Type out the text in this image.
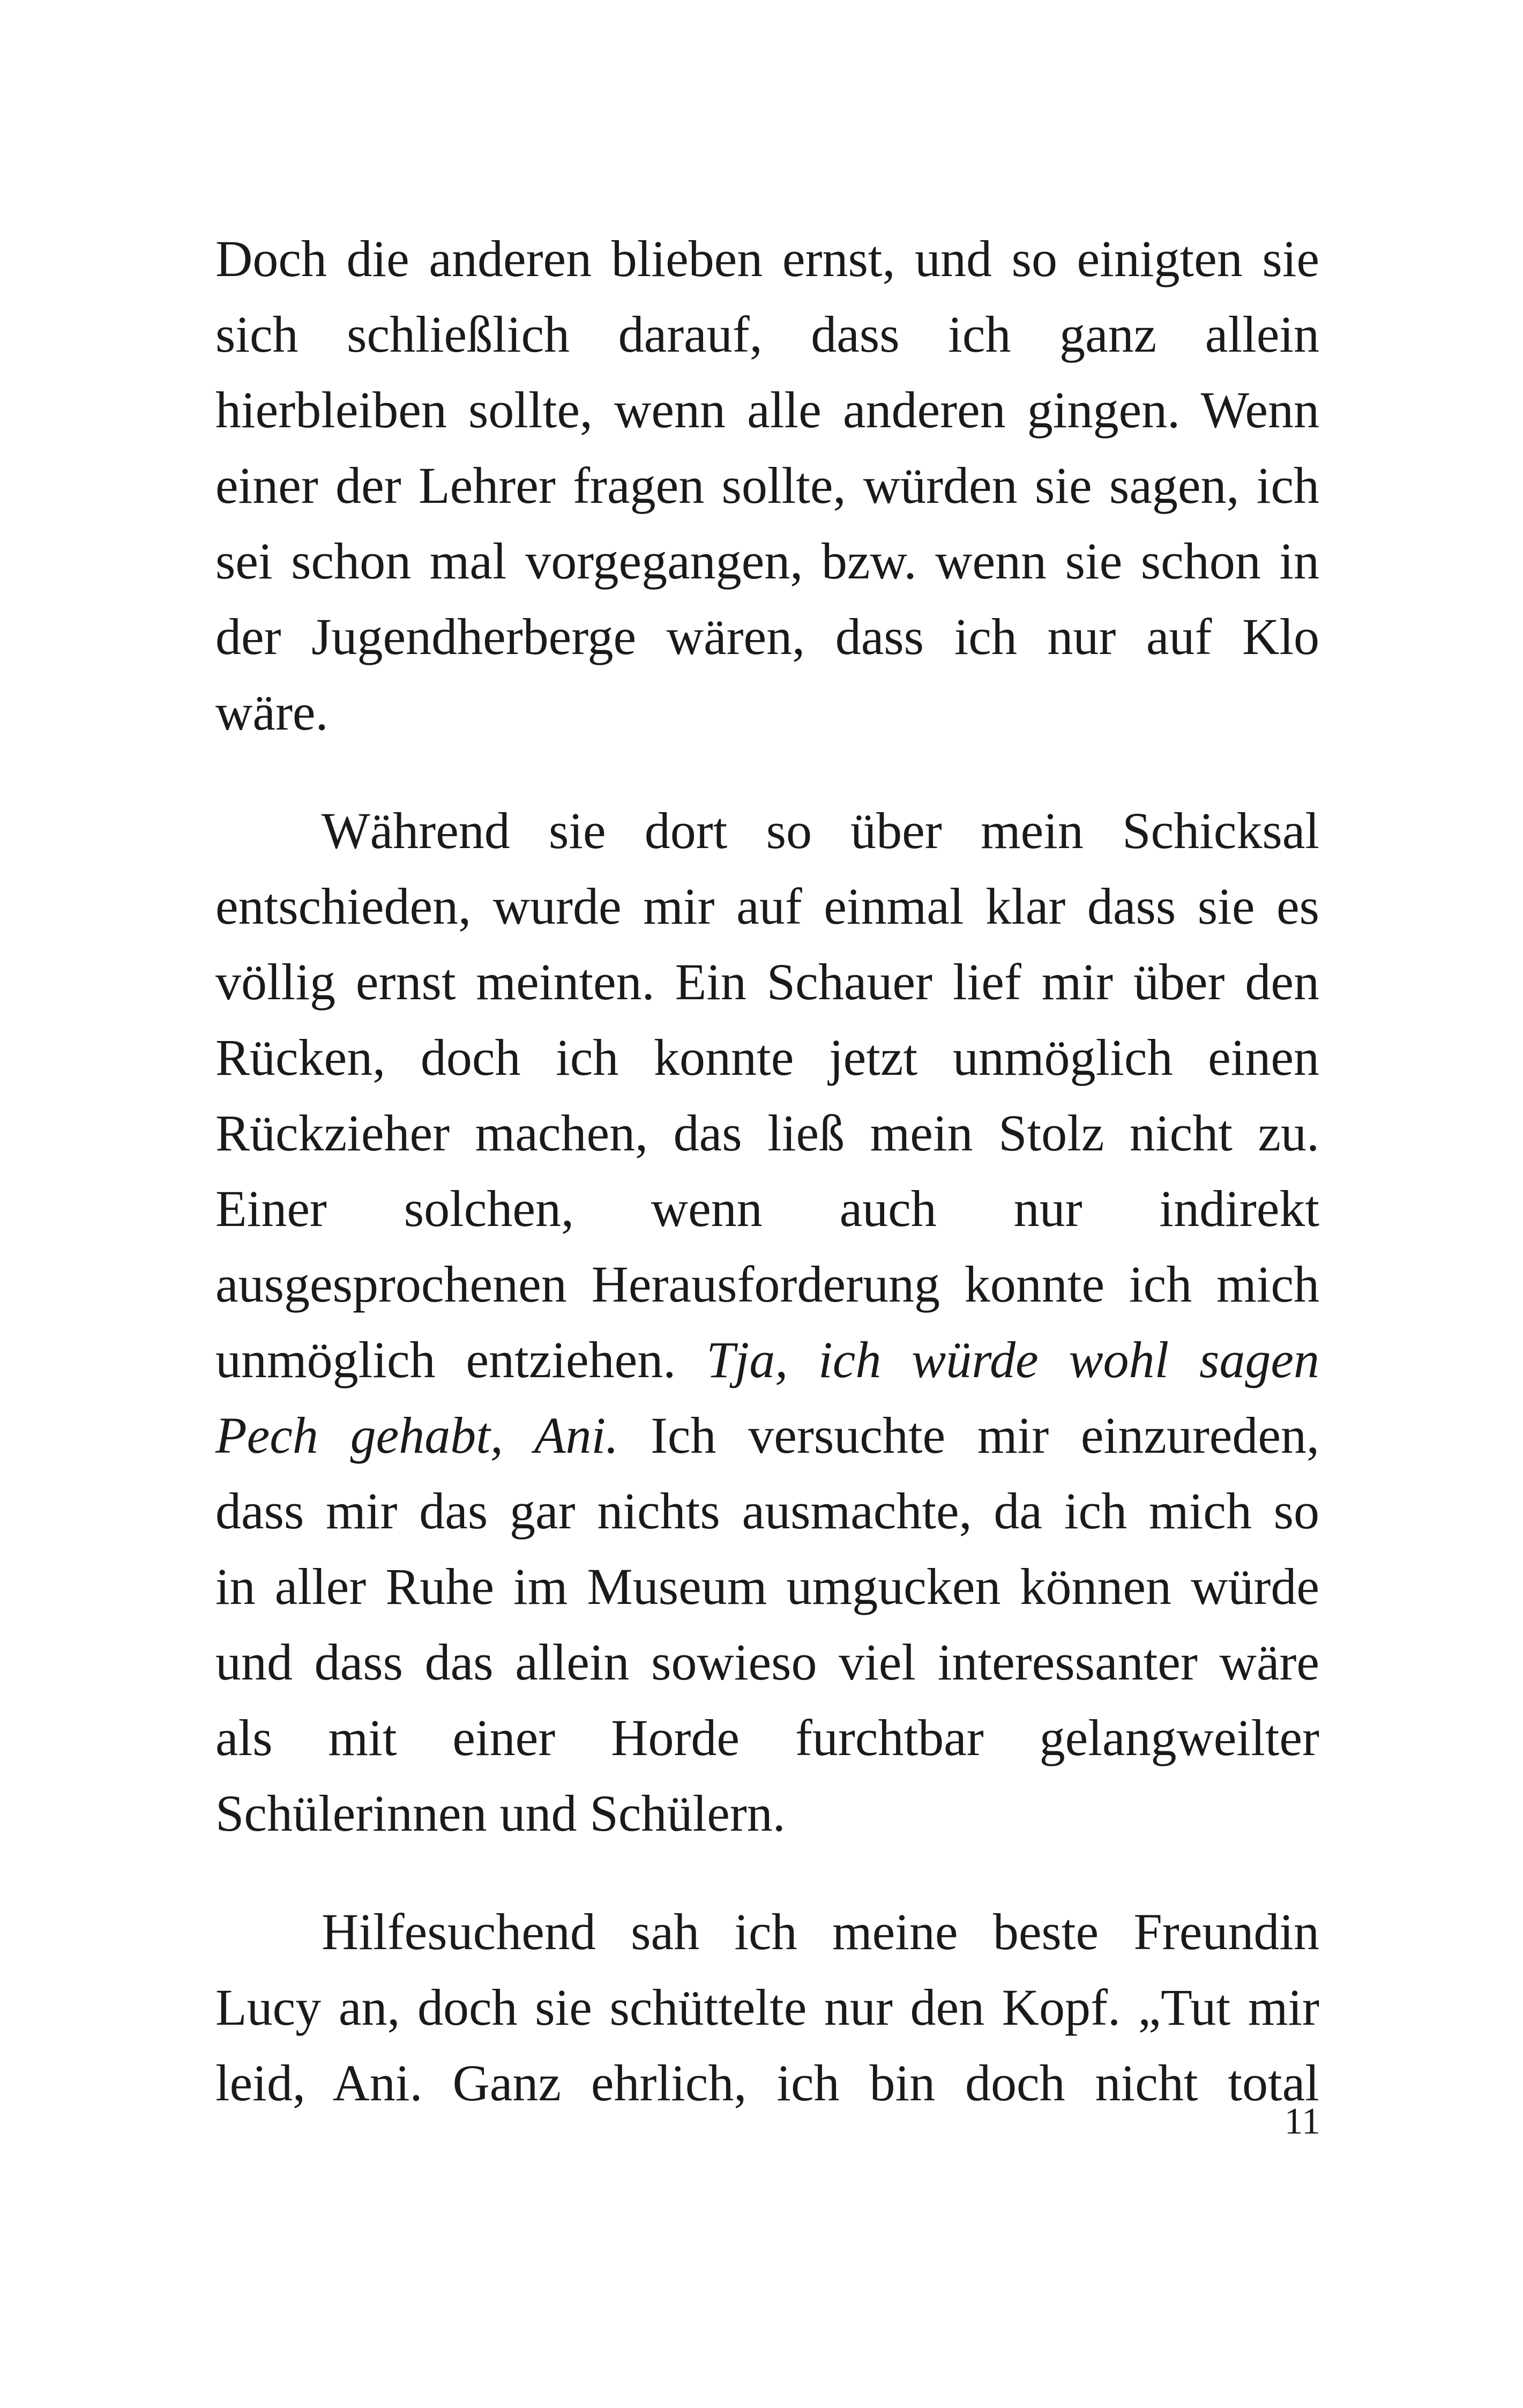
Doch die anderen blieben ernst, und so einigten sie
sich schließlich darauf, dass ich ganz allein
hierbleiben sollte, wenn alle anderen gingen. Wenn
einer der Lehrer fragen sollte, würden sie sagen, ich
sei schon mal vorgegangen, bzw. wenn sie schon in
der Jugendherberge wären, dass ich nur auf Klo
wäre.
Während sie dort so über mein Schicksal
entschieden, wurde mir auf einmal klar dass sie es
völlig ernst meinten. Ein Schauer lief mir über den
Rücken, doch ich konnte jetzt unmöglich einen
Rückzieher machen, das ließ mein Stolz nicht zu.
Einer solchen, wenn auch nur indirekt
ausgesprochenen Herausforderung konnte ich mich
unmöglich entziehen. Tja, ich würde wohl sagen
Pech gehabt, Ani. Ich versuchte mir einzureden,
dass mir das gar nichts ausmachte, da ich mich so
in aller Ruhe im Museum umgucken können würde
und dass das allein sowieso viel interessanter wäre
als mit einer Horde furchtbar gelangweilter
Schülerinnen und Schülern.
Hilfesuchend sah ich meine beste Freundin
Lucy an, doch sie schüttelte nur den Kopf. „Tut mir
leid, Ani. Ganz ehrlich, ich bin doch nicht total
11
